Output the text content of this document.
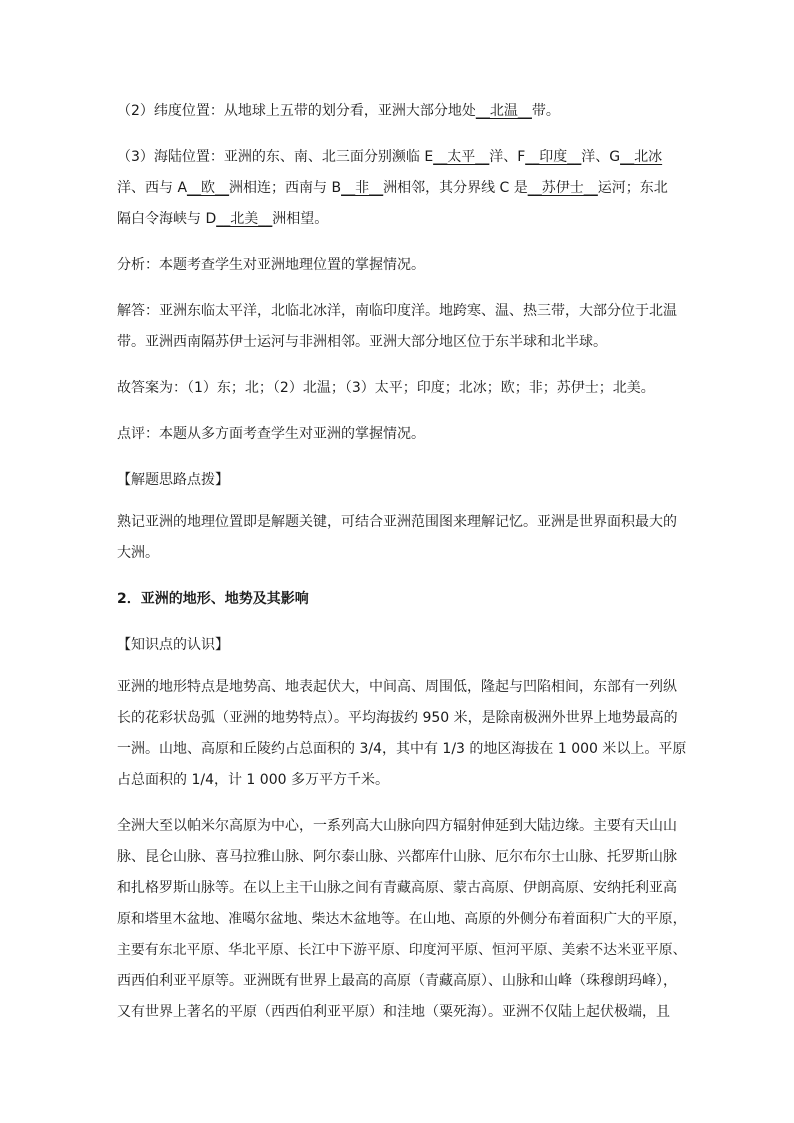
（2）纬度位置：从地球上五带的划分看，亚洲大部分地处__北温__带。
（3）海陆位置：亚洲的东、南、北三面分别濒临 E__太平__洋、F__印度__洋、G__北冰
洋、西与 A__欧__洲相连；西南与 B__非__洲相邻，其分界线 C 是__苏伊士__运河；东北
隔白令海峡与 D__北美__洲相望。
分析：本题考查学生对亚洲地理位置的掌握情况。
解答：亚洲东临太平洋，北临北冰洋，南临印度洋。地跨寒、温、热三带，大部分位于北温
带。亚洲西南隔苏伊士运河与非洲相邻。亚洲大部分地区位于东半球和北半球。
故答案为：（1）东；北；（2）北温；（3）太平；印度；北冰；欧；非；苏伊士；北美。
点评：本题从多方面考查学生对亚洲的掌握情况。
【解题思路点拨】
熟记亚洲的地理位置即是解题关键，可结合亚洲范围图来理解记忆。亚洲是世界面积最大的
大洲。
2．亚洲的地形、地势及其影响
【知识点的认识】
亚洲的地形特点是地势高、地表起伏大，中间高、周围低，隆起与凹陷相间，东部有一列纵
长的花彩状岛弧（亚洲的地势特点）。平均海拔约 950 米，是除南极洲外世界上地势最高的
一洲。山地、高原和丘陵约占总面积的 3/4，其中有 1/3 的地区海拔在 1 000 米以上。平原
占总面积的 1/4，计 1 000 多万平方千米。
全洲大至以帕米尔高原为中心，一系列高大山脉向四方辐射伸延到大陆边缘。主要有天山山
脉、昆仑山脉、喜马拉雅山脉、阿尔泰山脉、兴都库什山脉、厄尔布尔士山脉、托罗斯山脉
和扎格罗斯山脉等。在以上主干山脉之间有青藏高原、蒙古高原、伊朗高原、安纳托利亚高
原和塔里木盆地、准噶尔盆地、柴达木盆地等。在山地、高原的外侧分布着面积广大的平原，
主要有东北平原、华北平原、长江中下游平原、印度河平原、恒河平原、美索不达米亚平原、
西西伯利亚平原等。亚洲既有世界上最高的高原（青藏高原）、山脉和山峰（珠穆朗玛峰），
又有世界上著名的平原（西西伯利亚平原）和洼地（粟死海）。亚洲不仅陆上起伏极端，且
